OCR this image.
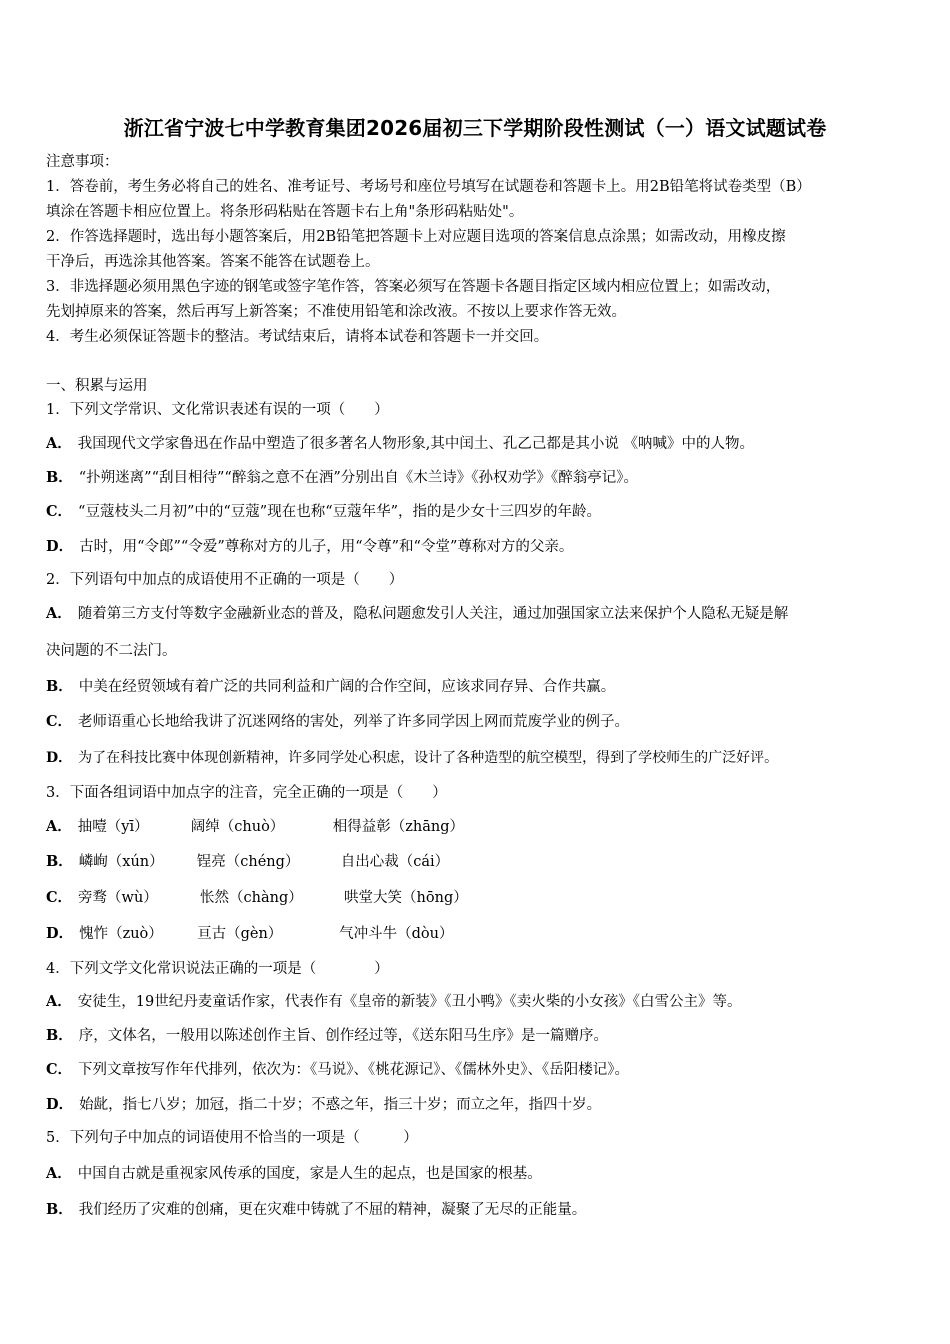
浙江省宁波七中学教育集团2026届初三下学期阶段性测试（一）语文试题试卷
注意事项：
1．答卷前，考生务必将自己的姓名、准考证号、考场号和座位号填写在试题卷和答题卡上。用2B铅笔将试卷类型（B）
填涂在答题卡相应位置上。将条形码粘贴在答题卡右上角"条形码粘贴处"。
2．作答选择题时，选出每小题答案后，用2B铅笔把答题卡上对应题目选项的答案信息点涂黑；如需改动，用橡皮擦
干净后，再选涂其他答案。答案不能答在试题卷上。
3．非选择题必须用黑色字迹的钢笔或签字笔作答，答案必须写在答题卡各题目指定区域内相应位置上；如需改动，
先划掉原来的答案，然后再写上新答案；不准使用铅笔和涂改液。不按以上要求作答无效。
4．考生必须保证答题卡的整洁。考试结束后，请将本试卷和答题卡一并交回。
一、积累与运用
1．下列文学常识、文化常识表述有误的一项（　　）
A． 我国现代文学家鲁迅在作品中塑造了很多著名人物形象,其中闰土、孔乙己都是其小说 《呐喊》中的人物。
B． “扑朔迷离”“刮目相待”“醉翁之意不在酒”分别出自《木兰诗》《孙权劝学》《醉翁亭记》。
C． “豆蔻枝头二月初”中的“豆蔻”现在也称“豆蔻年华”，指的是少女十三四岁的年龄。
D． 古时，用“令郎”“令爱”尊称对方的儿子，用“令尊”和“令堂”尊称对方的父亲。
2．下列语句中加点的成语使用不正确的一项是（　　）
A． 随着第三方支付等数字金融新业态的普及，隐私问题愈发引人关注，通过加强国家立法来保护个人隐私无疑是解
决问题的不二法门。
B． 中美在经贸领域有着广泛的共同利益和广阔的合作空间，应该求同存异、合作共赢。
C． 老师语重心长地给我讲了沉迷网络的害处，列举了许多同学因上网而荒废学业的例子。
D． 为了在科技比赛中体现创新精神，许多同学处心积虑，设计了各种造型的航空模型，得到了学校师生的广泛好评。
3．下面各组词语中加点字的注音，完全正确的一项是（　　）
A． 抽噎（yī）	阔绰（chuò）	相得益彰（zhāng）
B． 嶙峋（xún） 锃亮（chéng）	自出心裁（cái）
C． 旁骛（wù）	怅然（chàng）	哄堂大笑（hōng）
D． 愧怍（zuò） 亘古（gèn）	气冲斗牛（dòu）
4．下列文学文化常识说法正确的一项是（　　　　）
A． 安徒生，19世纪丹麦童话作家，代表作有《皇帝的新装》《丑小鸭》《卖火柴的小女孩》《白雪公主》等。
B． 序，文体名，一般用以陈述创作主旨、创作经过等，《送东阳马生序》是一篇赠序。
C． 下列文章按写作年代排列，依次为：《马说》、《桃花源记》、《儒林外史》、《岳阳楼记》。
D． 始龀，指七八岁；加冠，指二十岁；不惑之年，指三十岁；而立之年，指四十岁。
5．下列句子中加点的词语使用不恰当的一项是（　　　）
A． 中国自古就是重视家风传承的国度，家是人生的起点，也是国家的根基。
B． 我们经历了灾难的创痛，更在灾难中铸就了不屈的精神，凝聚了无尽的正能量。
